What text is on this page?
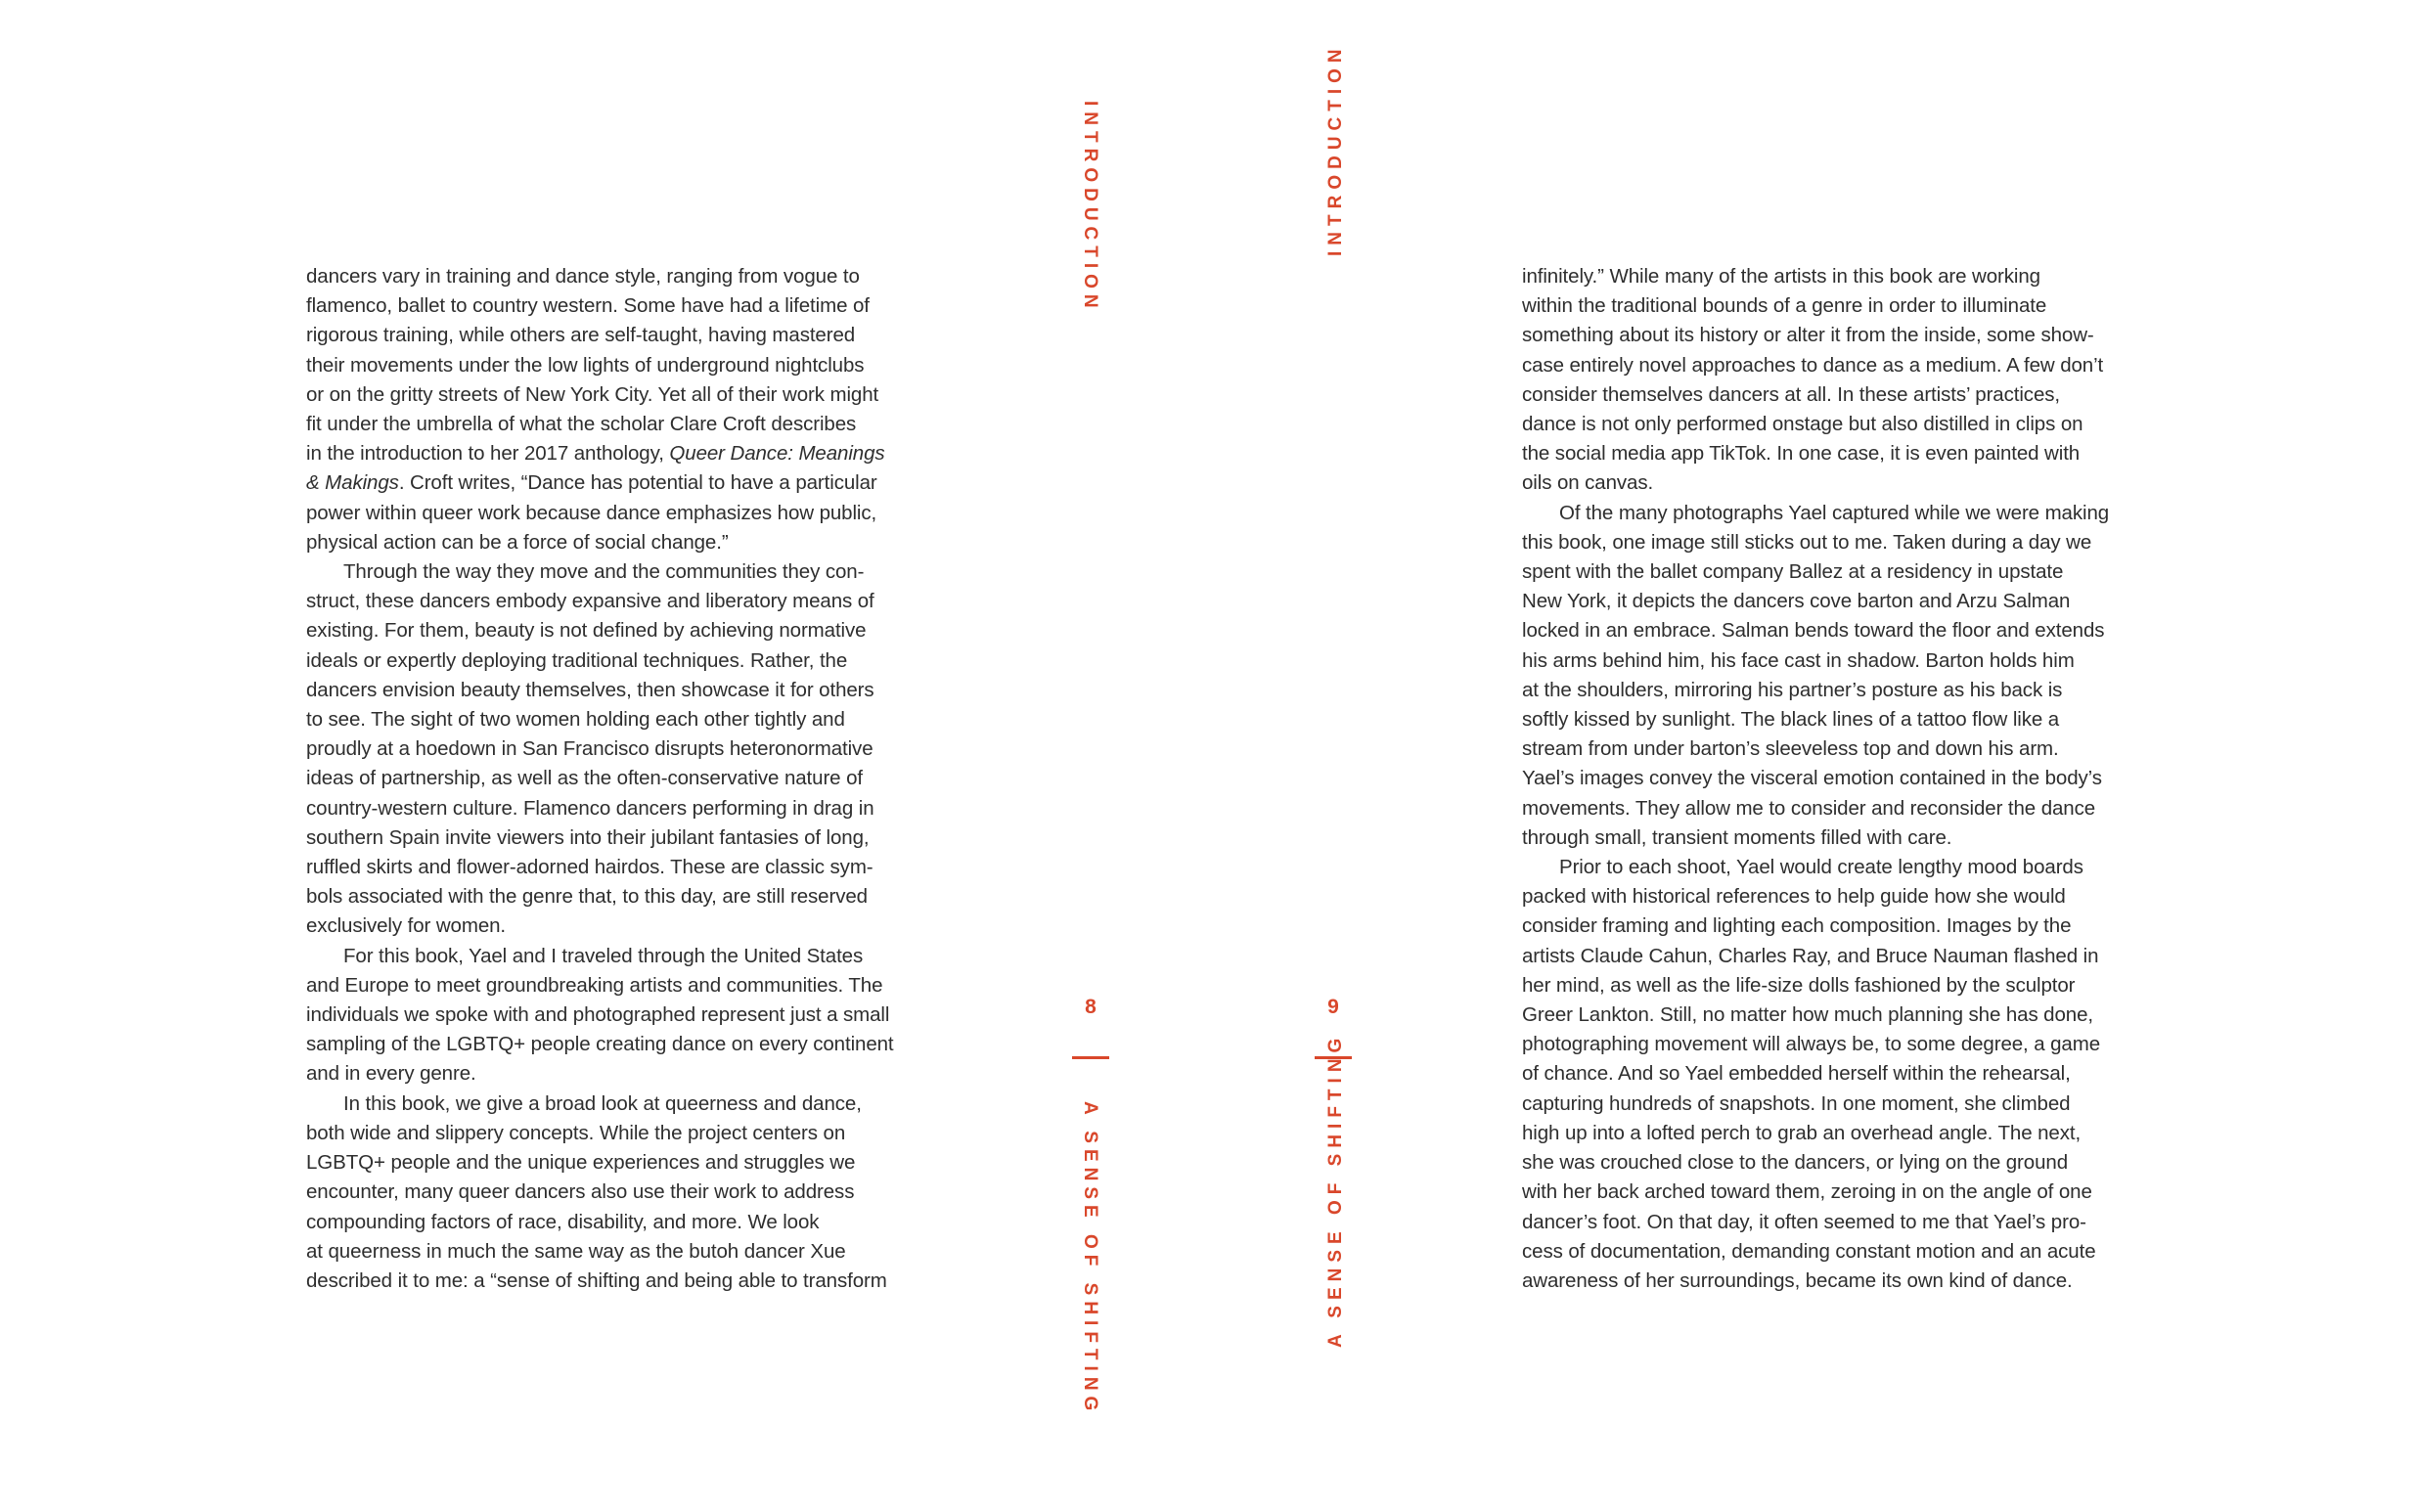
dancers vary in training and dance style, ranging from vogue to
flamenco, ballet to country western. Some have had a lifetime of
rigorous training, while others are self-taught, having mastered
their movements under the low lights of underground nightclubs
or on the gritty streets of New York City. Yet all of their work might
fit under the umbrella of what the scholar Clare Croft describes
in the introduction to her 2017 anthology, Queer Dance: Meanings
& Makings. Croft writes, “Dance has potential to have a particular
power within queer work because dance emphasizes how public,
physical action can be a force of social change.”

Through the way they move and the communities they con-
struct, these dancers embody expansive and liberatory means of
existing. For them, beauty is not defined by achieving normative
ideals or expertly deploying traditional techniques. Rather, the
dancers envision beauty themselves, then showcase it for others
to see. The sight of two women holding each other tightly and
proudly at a hoedown in San Francisco disrupts heteronormative
ideas of partnership, as well as the often-conservative nature of
country-western culture. Flamenco dancers performing in drag in
southern Spain invite viewers into their jubilant fantasies of long,
ruffled skirts and flower-adorned hairdos. These are classic sym-
bols associated with the genre that, to this day, are still reserved
exclusively for women.

For this book, Yael and I traveled through the United States
and Europe to meet groundbreaking artists and communities. The
individuals we spoke with and photographed represent just a small
sampling of the LGBTQ+ people creating dance on every continent
and in every genre.

In this book, we give a broad look at queerness and dance,
both wide and slippery concepts. While the project centers on
LGBTQ+ people and the unique experiences and struggles we
encounter, many queer dancers also use their work to address
compounding factors of race, disability, and more. We look
at queerness in much the same way as the butoh dancer Xue
described it to me: a “sense of shifting and being able to transform

INTRODUCTION
8
A SENSE OF SHIFTING
INTRODUCTION
9
A SENSE OF SHIFTING

infinitely.” While many of the artists in this book are working
within the traditional bounds of a genre in order to illuminate
something about its history or alter it from the inside, some show-
case entirely novel approaches to dance as a medium. A few don’t
consider themselves dancers at all. In these artists’ practices,
dance is not only performed onstage but also distilled in clips on
the social media app TikTok. In one case, it is even painted with
oils on canvas.

Of the many photographs Yael captured while we were making
this book, one image still sticks out to me. Taken during a day we
spent with the ballet company Ballez at a residency in upstate
New York, it depicts the dancers cove barton and Arzu Salman
locked in an embrace. Salman bends toward the floor and extends
his arms behind him, his face cast in shadow. Barton holds him
at the shoulders, mirroring his partner’s posture as his back is
softly kissed by sunlight. The black lines of a tattoo flow like a
stream from under barton’s sleeveless top and down his arm.
Yael’s images convey the visceral emotion contained in the body’s
movements. They allow me to consider and reconsider the dance
through small, transient moments filled with care.

Prior to each shoot, Yael would create lengthy mood boards
packed with historical references to help guide how she would
consider framing and lighting each composition. Images by the
artists Claude Cahun, Charles Ray, and Bruce Nauman flashed in
her mind, as well as the life-size dolls fashioned by the sculptor
Greer Lankton. Still, no matter how much planning she has done,
photographing movement will always be, to some degree, a game
of chance. And so Yael embedded herself within the rehearsal,
capturing hundreds of snapshots. In one moment, she climbed
high up into a lofted perch to grab an overhead angle. The next,
she was crouched close to the dancers, or lying on the ground
with her back arched toward them, zeroing in on the angle of one
dancer’s foot. On that day, it often seemed to me that Yael’s pro-
cess of documentation, demanding constant motion and an acute
awareness of her surroundings, became its own kind of dance.
